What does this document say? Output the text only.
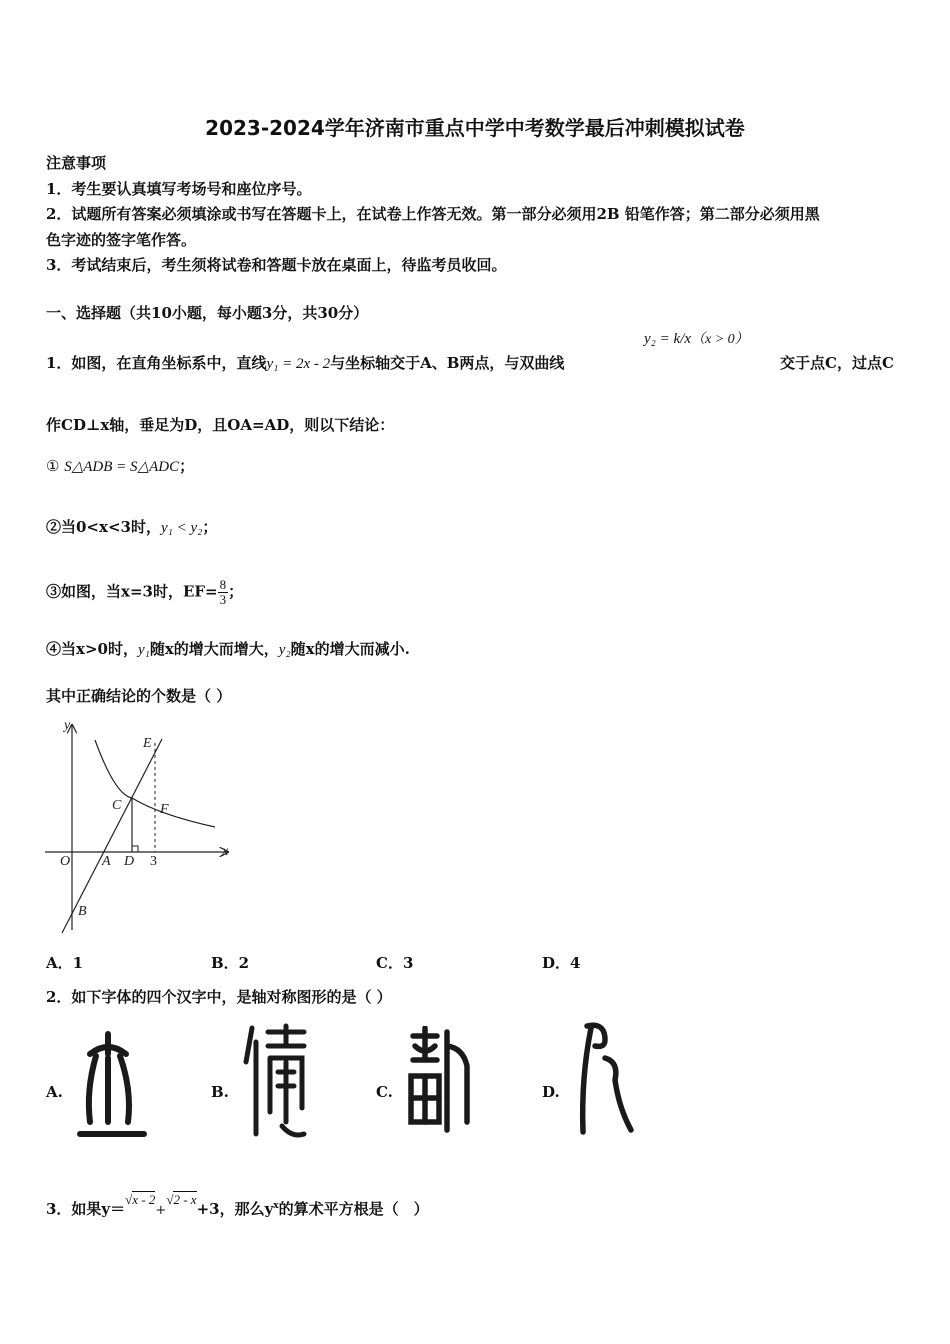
2023-2024学年济南市重点中学中考数学最后冲刺模拟试卷
注意事项
1．考生要认真填写考场号和座位序号。
2．试题所有答案必须填涂或书写在答题卡上，在试卷上作答无效。第一部分必须用2B 铅笔作答；第二部分必须用黑
色字迹的签字笔作答。
3．考试结束后，考生须将试卷和答题卡放在桌面上，待监考员收回。
一、选择题（共10小题，每小题3分，共30分）
1．如图，在直角坐标系中，直线y₁ = 2x - 2与坐标轴交于A、B两点，与双曲线
y₂ = k/x（x > 0）
交于点C，过点C
作CD⊥x轴，垂足为D，且OA=AD，则以下结论：
① S△ADB = S△ADC；
②当0<x<3时，y₁ < y₂；
③如图，当x=3时，$EF= \frac{8}{3}$ ；
④当x>0时，y₁随x的增大而增大，y₂随x的增大而减小.
其中正确结论的个数是（ ）
y
x
O A
B
C
D
E
F
3
A．1	B．2	C．3	D．4
2．如下字体的四个汉字中，是轴对称图形的是（ ）
A.	B.	C.	D.
3．如果y＝√x - 2+√2 - x+3，那么$y^x$的算术平方根是（　）
